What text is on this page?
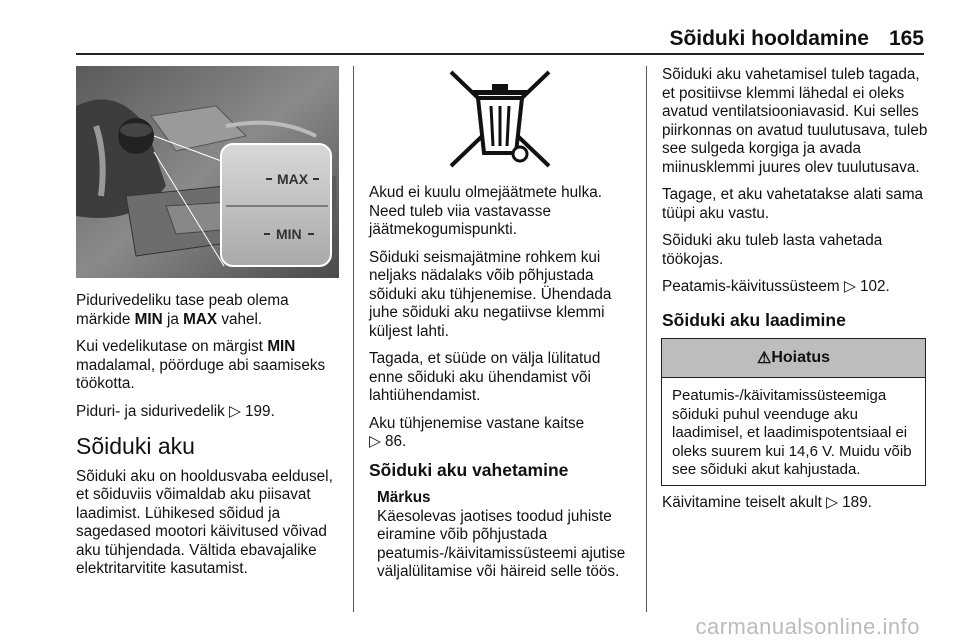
Sõiduki hooldamine 165
MAX
MIN

Pidurivedeliku tase peab olema märkide MIN ja MAX vahel.

Kui vedelikutase on märgist MIN madalamal, pöörduge abi saamiseks töökotta.

Piduri- ja sidurivedelik ▷ 199.

Sõiduki aku

Sõiduki aku on hooldusvaba eeldusel, et sõiduviis võimaldab aku piisavat laadimist. Lühikesed sõidud ja sagedased mootori käivitused võivad aku tühjendada. Vältida ebavajalike elektritarvitite kasutamist.

Akud ei kuulu olmejäätmete hulka. Need tuleb viia vastavasse jäätmekogumispunkti.

Sõiduki seismajätmine rohkem kui neljaks nädalaks võib põhjustada sõiduki aku tühjenemise. Ühendada juhe sõiduki aku negatiivse klemmi küljest lahti.

Tagada, et süüde on välja lülitatud enne sõiduki aku ühendamist või lahtiühendamist.

Aku tühjenemise vastane kaitse
▷ 86.

Sõiduki aku vahetamine
Märkus
Käesolevas jaotises toodud juhiste eiramine võib põhjustada peatumis-/käivitamissüsteemi ajutise väljalülitamise või häireid selle töös.

Sõiduki aku vahetamisel tuleb tagada, et positiivse klemmi lähedal ei oleks avatud ventilatsiooniavasid. Kui selles piirkonnas on avatud tuulutusava, tuleb see sulgeda korgiga ja avada miinusklemmi juures olev tuulutusava.

Tagage, et aku vahetatakse alati sama tüüpi aku vastu.

Sõiduki aku tuleb lasta vahetada töökojas.

Peatamis-käivitussüsteem ▷ 102.

Sõiduki aku laadimine
⚠ Hoiatus
Peatumis-/käivitamissüsteemiga sõiduki puhul veenduge aku laadimisel, et laadimispotentsiaal ei oleks suurem kui 14,6 V. Muidu võib see sõiduki akut kahjustada.
Käivitamine teiselt akult ▷ 189.
carmanualsonline.info
